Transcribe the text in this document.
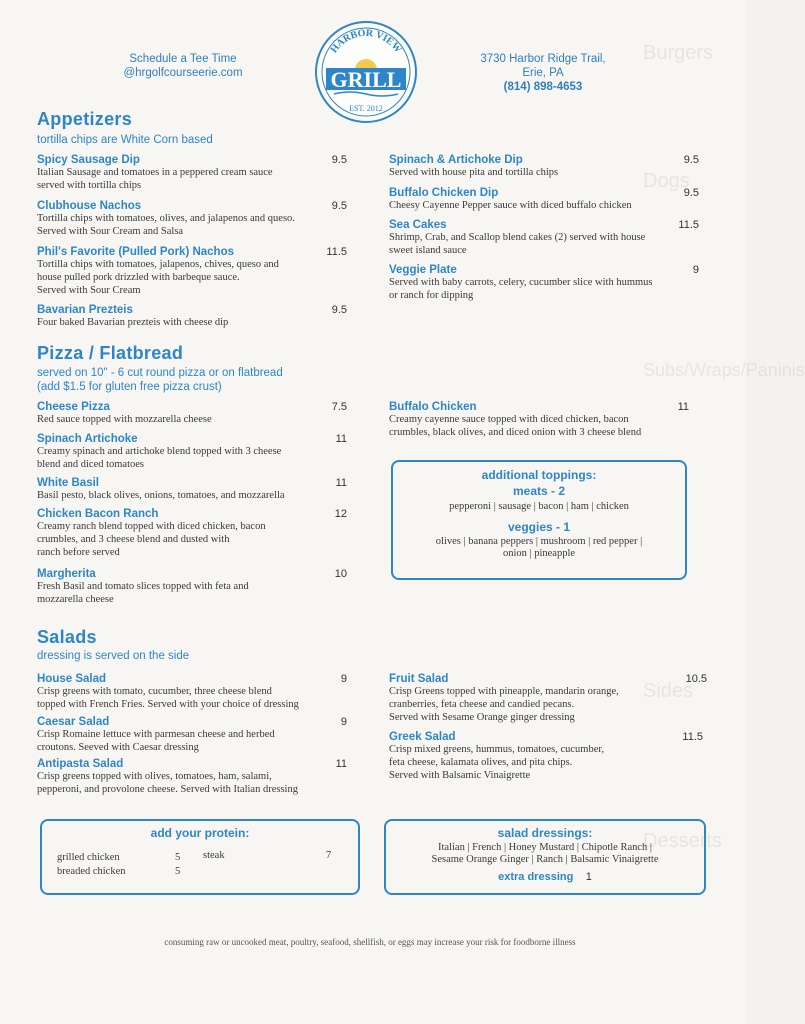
Burgers
Dogs
Subs/Wraps/Paninis
Sides
Desserts
Schedule a Tee Time
@hrgolfcourseerie.com
HARBOR VIEW
GRILL
EST. 2012
3730 Harbor Ridge Trail,
Erie, PA
(814) 898-4653
Appetizers
tortilla chips are White Corn based
Spicy Sausage Dip	9.5
Italian Sausage and tomatoes in a peppered cream sauce
served with tortilla chips
Clubhouse Nachos	9.5
Tortilla chips with tomatoes, olives, and jalapenos and queso.
Served with Sour Cream and Salsa
Phil's Favorite (Pulled Pork) Nachos	11.5
Tortilla chips with tomatoes, jalapenos, chives, queso and
house pulled pork drizzled with barbeque sauce.
Served with Sour Cream
Bavarian Prezteis	9.5
Four baked Bavarian prezteis with cheese dip
Spinach & Artichoke Dip	9.5
Served with house pita and tortilla chips
Buffalo Chicken Dip	9.5
Cheesy Cayenne Pepper sauce with diced buffalo chicken
Sea Cakes	11.5
Shrimp, Crab, and Scallop blend cakes (2) served with house
sweet island sauce
Veggie Plate	9
Served with baby carrots, celery, cucumber slice with hummus
or ranch for dipping
Pizza / Flatbread
served on 10" - 6 cut round pizza or on flatbread
(add $1.5 for gluten free pizza crust)
Cheese Pizza	7.5
Red sauce topped with mozzarella cheese
Spinach Artichoke	11
Creamy spinach and artichoke blend topped with 3 cheese
blend and diced tomatoes
White Basil	11
Basil pesto, black olives, onions, tomatoes, and mozzarella
Chicken Bacon Ranch	12
Creamy ranch blend topped with diced chicken, bacon
crumbles, and 3 cheese blend and dusted with
ranch before served
Margherita	10
Fresh Basil and tomato slices topped with feta and
mozzarella cheese
Buffalo Chicken	11
Creamy cayenne sauce topped with diced chicken, bacon
crumbles, black olives, and diced onion with 3 cheese blend
additional toppings:
meats - 2
pepperoni | sausage | bacon | ham | chicken
veggies - 1
olives | banana peppers | mushroom | red pepper |
onion | pineapple
Salads
dressing is served on the side
House Salad	9
Crisp greens with tomato, cucumber, three cheese blend
topped with French Fries. Served with your choice of dressing
Caesar Salad	9
Crisp Romaine lettuce with parmesan cheese and herbed
croutons. Seeved with Caesar dressing
Antipasta Salad	11
Crisp greens topped with olives, tomatoes, ham, salami,
pepperoni, and provolone cheese. Served with Italian dressing
Fruit Salad	10.5
Crisp Greens topped with pineapple, mandarin orange,
cranberries, feta cheese and candied pecans.
Served with Sesame Orange ginger dressing
Greek Salad	11.5
Crisp mixed greens, hummus, tomatoes, cucumber,
feta cheese, kalamata olives, and pita chips.
Served with Balsamic Vinaigrette
add your protein:
grilled chicken	5
breaded chicken	5
steak	7
salad dressings:
Italian | French | Honey Mustard | Chipotle Ranch |
Sesame Orange Ginger | Ranch | Balsamic Vinaigrette
extra dressing 1
consuming raw or uncooked meat, poultry, seafood, shellfish, or eggs may increase your risk for foodborne illness
